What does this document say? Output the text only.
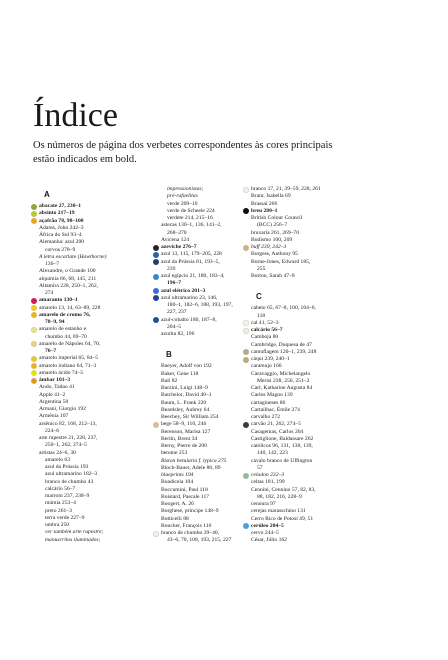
Índice

Os números de página dos verbetes correspondentes às cores principais
estão indicados em bold.

A
abacate 27, 230–1
absinto 217–19
açafrão 78, 98–100
Adams, John 242–3
África do Sul 93–4
Alemanha: azul 200
corvos 278–9
A letra escarlate (Hawthorne)
136–7
Alexandre, o Grande 100
alquimia 66, 68, 145, 211
Altamira 228, 250–1, 262,
274
amaranto 130–1
amarelo 13, 14, 63–89, 228
amarelo de cromo 76,
78–9, 94
amarelo de estanho e
chumbo 44, 69–70
amarelo de Nápoles 64, 70,
76–7
amarelo imperial 65, 84–5
amarelo indiano 64, 71–3
amarelo ácido 74–5
âmbar 101–3
Ando, Tadao 41
Apple 41–2
Argentina 50
Armani, Giorgio 192
Armênia 107
arsênico 82, 168, 212–13,
224–6
arte rupestre 21, 228, 237,
250–1, 262, 274–5
artistas 24–6, 30
amarelo 63
azul da Prússia 193
azul ultramarino 182–3
branco de chumbo 43
calcário 56–7
marrom 237, 238–9
múmia 253–4
preto 261–3
terra verde 227–9
umbra 250
ver também arte rupestre;
manuscritos iluminados;
impressionistas;
pré-rafaelitas
verde 209–10
verde de Scheele 224
verdete 214, 215–16
astecas 130–1, 136, 141–2,
268–270
Avicena 124
azeviche 276–7
azul 13, 115, 179–205, 228
azul da Prússia 81, 193–5,
239
azul egípcio 21, 180, 183–4,
196–7
azul elétrico 201–3
azul ultramarino 23, 146,
180–1, 182–6, 188, 193, 197,
227, 237
azul-cobalto 180, 187–8,
204–5
azurita 82, 196
B
Baeyer, Adolf von 192
Baker, Gene 118
Bali 82
Barzini, Luigi 148–9
Batchelor, David 40–1
Baum, L. Frank 220
Beardsley, Aubrey 64
Beechey, Sir William 254
bege 58–9, 110, 246
Berenson, Marisa 127
Berlin, Brent 34
Berny, Pierre de 200
betume 253
Biston betularia f. typica 275
Bloch-Bauer, Adele 86, 89
blueprints 194
Boadiceia 104
Boccumini, Paul 118
Boistard, Pascale 117
Boogert, A. 26
Borghese, príncipe 148–9
Botticelli 88
Boucher, François 116
branco de chumbo 39–40,
43–6, 70, 108, 193, 215, 227
branco 17, 21, 39–59, 228, 261
Brant, Isabella 69
Brassaï 266
breu 280–1
British Colour Council
(BCC) 256–7
bruxaria 261, 269–70
Budismo 100, 209
buff 239, 242–3
Burgess, Anthony 95
Burne-Jones, Edward 185,
255
Burton, Sarah 47–8
C
cabelo 65, 67–8, 100, 104–6,
118
cal 41, 52–3
calcário 56–7
Camboja 80
Cambridge, Duquesa de 47
camuflagem 120–1, 239, 248
cáqui 239, 240–1
caramujo 160
Caravaggio, Michelangelo
Merisi 238, 250, 251–2
Carl, Katharine Augusta 84
Carlos Magno 139
cartagineses 86
Cartailhac, Émile 274
carvalho 272
carvão 21, 262, 274–5
Casagemas, Carlos 204
Castiglione, Baldassare 262
católicos 96, 131, 138, 139,
140, 142, 223
cavalo branco de Uffington
57
celadon 232–3
celtas 181, 199
Cennini, Cennino 57, 82, 83,
88, 182, 216, 228–9
cenoura 97
cerejas marasschino 131
Cerro Rico de Potosí 49, 51
cerúleo 204–5
cervo 244–5
César, Júlio 162
